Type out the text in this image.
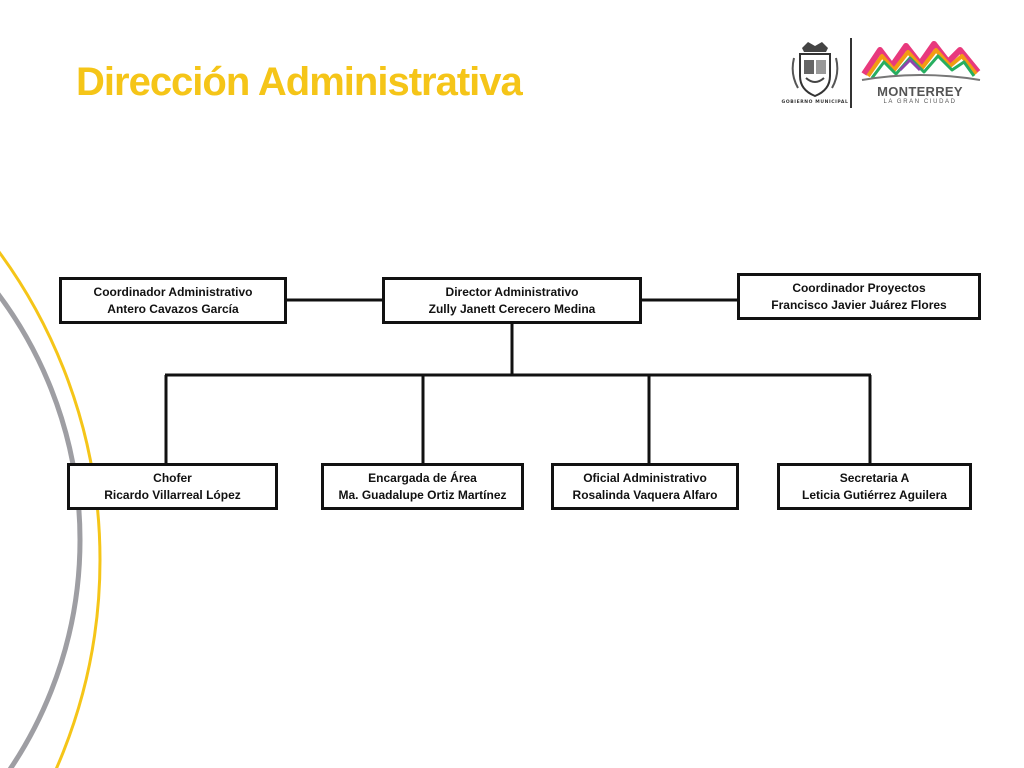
Dirección Administrativa	GOBIERNO MUNICIPAL
MONTERREY
LA GRAN CIUDAD
Coordinador Administrativo
Antero Cavazos García
Director Administrativo
Zully Janett Cerecero Medina
Coordinador Proyectos
Francisco Javier Juárez Flores
Chofer
Ricardo Villarreal López
Encargada de Área
Ma. Guadalupe Ortiz Martínez
Oficial Administrativo
Rosalinda Vaquera Alfaro
Secretaria A
Leticia Gutiérrez Aguilera
